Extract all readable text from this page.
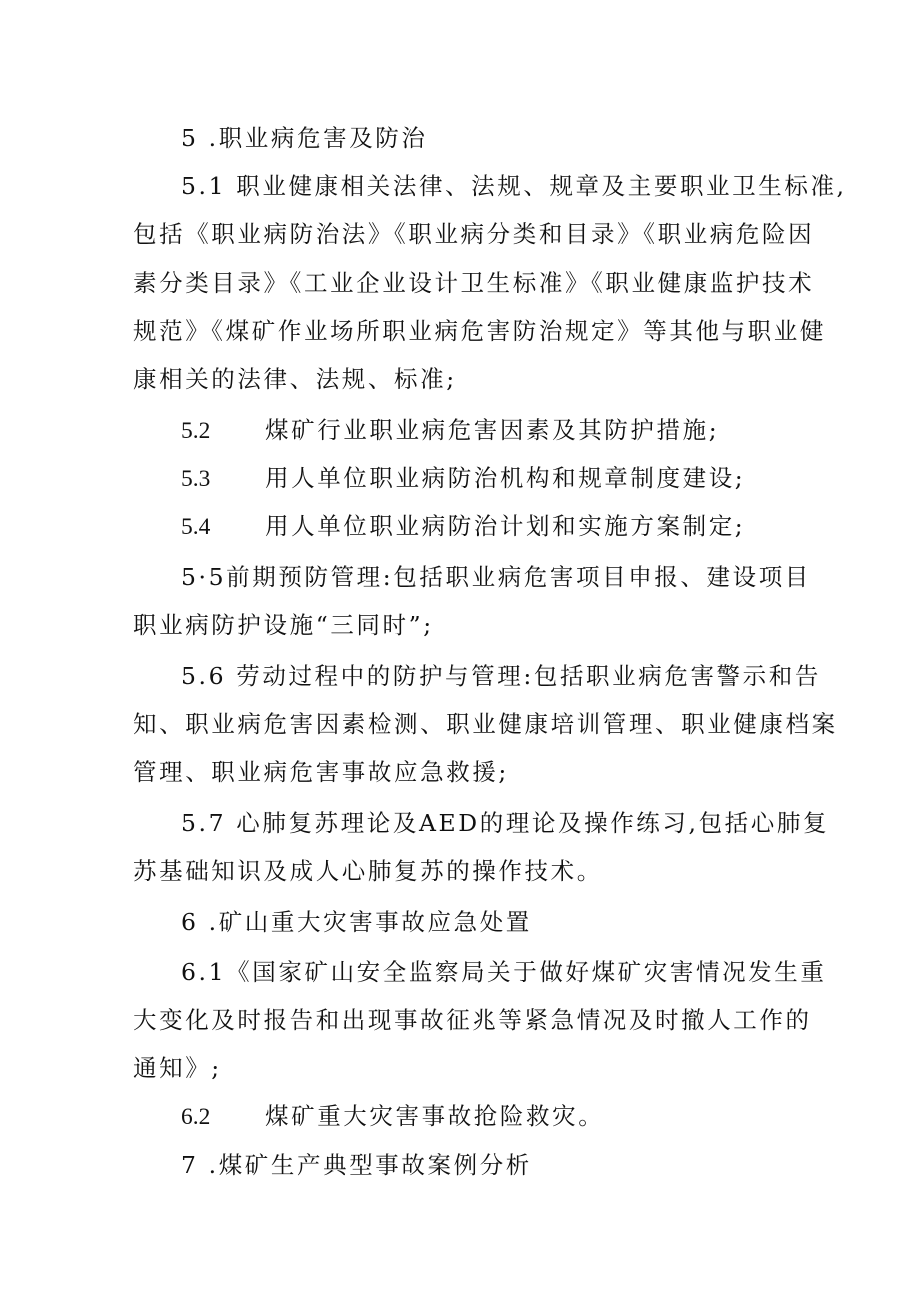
5 .职业病危害及防治
5.1 职业健康相关法律、法规、规章及主要职业卫生标准,
包括《职业病防治法》《职业病分类和目录》《职业病危险因
素分类目录》《工业企业设计卫生标准》《职业健康监护技术
规范》《煤矿作业场所职业病危害防治规定》等其他与职业健
康相关的法律、法规、标准;
5.2 煤矿行业职业病危害因素及其防护措施;
5.3 用人单位职业病防治机构和规章制度建设;
5.4 用人单位职业病防治计划和实施方案制定;
5·5前期预防管理:包括职业病危害项目申报、建设项目
职业病防护设施“三同时”;
5.6 劳动过程中的防护与管理:包括职业病危害警示和告
知、职业病危害因素检测、职业健康培训管理、职业健康档案
管理、职业病危害事故应急救援;
5.7 心肺复苏理论及AED的理论及操作练习,包括心肺复
苏基础知识及成人心肺复苏的操作技术。
6 .矿山重大灾害事故应急处置
6.1《国家矿山安全监察局关于做好煤矿灾害情况发生重
大变化及时报告和出现事故征兆等紧急情况及时撤人工作的
通知》;
6.2 煤矿重大灾害事故抢险救灾。
7 .煤矿生产典型事故案例分析
